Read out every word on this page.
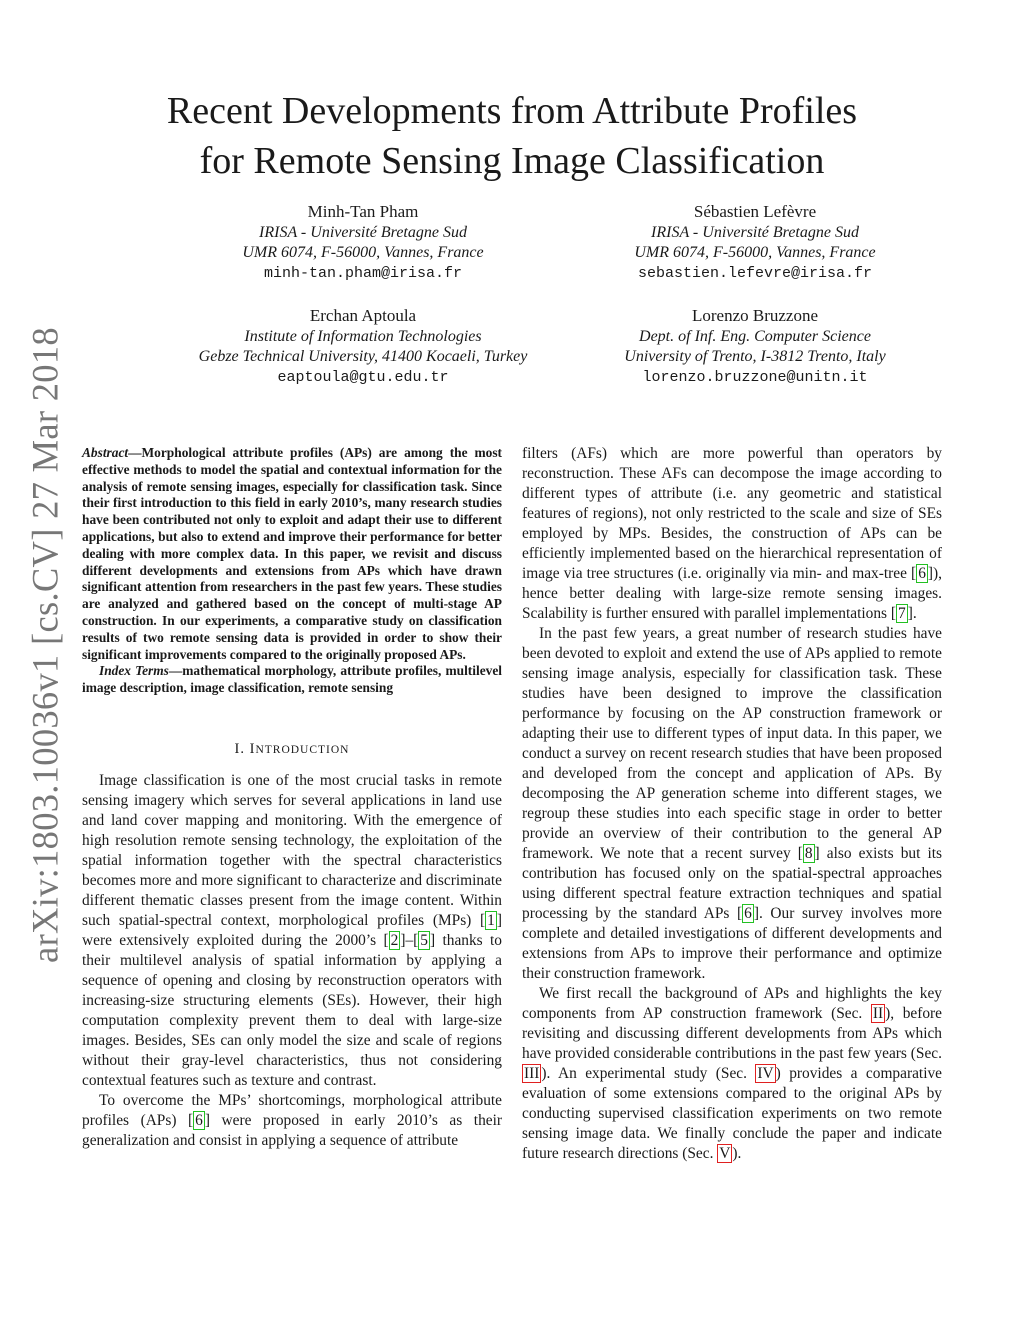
arXiv:1803.10036v1 [cs.CV] 27 Mar 2018
Recent Developments from Attribute Profiles
for Remote Sensing Image Classification
Minh-Tan Pham
IRISA - Université Bretagne Sud
UMR 6074, F-56000, Vannes, France
minh-tan.pham@irisa.fr
Sébastien Lefèvre
IRISA - Université Bretagne Sud
UMR 6074, F-56000, Vannes, France
sebastien.lefevre@irisa.fr
Erchan Aptoula
Institute of Information Technologies
Gebze Technical University, 41400 Kocaeli, Turkey
eaptoula@gtu.edu.tr
Lorenzo Bruzzone
Dept. of Inf. Eng. Computer Science
University of Trento, I-3812 Trento, Italy
lorenzo.bruzzone@unitn.it
Abstract—Morphological attribute profiles (APs) are among the most effective methods to model the spatial and contextual information for the analysis of remote sensing images, especially for classification task. Since their first introduction to this field in early 2010’s, many research studies have been contributed not only to exploit and adapt their use to different applications, but also to extend and improve their performance for better dealing with more complex data. In this paper, we revisit and discuss different developments and extensions from APs which have drawn significant attention from researchers in the past few years. These studies are analyzed and gathered based on the concept of multi-stage AP construction. In our experiments, a comparative study on classification results of two remote sensing data is provided in order to show their significant improvements compared to the originally proposed APs.
Index Terms—mathematical morphology, attribute profiles, multilevel image description, image classification, remote sensing
I. INTRODUCTION

Image classification is one of the most crucial tasks in remote sensing imagery which serves for several applications in land use and land cover mapping and monitoring. With the emergence of high resolution remote sensing technology, the exploitation of the spatial information together with the spectral characteristics becomes more and more significant to characterize and discriminate different thematic classes present from the image content. Within such spatial-spectral context, morphological profiles (MPs) [ 1 ] were extensively exploited during the 2000’s [ 2 ]–[ 5 ] thanks to their multilevel analysis of spatial information by applying a sequence of opening and closing by reconstruction operators with increasing-size structuring elements (SEs). However, their high computation complexity prevent them to deal with large-size images. Besides, SEs can only model the size and scale of regions without their gray-level characteristics, thus not considering contextual features such as texture and contrast.

To overcome the MPs’ shortcomings, morphological attribute profiles (APs) [ 6 ] were proposed in early 2010’s as their generalization and consist in applying a sequence of attribute

filters (AFs) which are more powerful than operators by reconstruction. These AFs can decompose the image according to different types of attribute (i.e. any geometric and statistical features of regions), not only restricted to the scale and size of SEs employed by MPs. Besides, the construction of APs can be efficiently implemented based on the hierarchical representation of image via tree structures (i.e. originally via min- and max-tree [ 6 ]), hence better dealing with large-size remote sensing images. Scalability is further ensured with parallel implementations [ 7 ].

In the past few years, a great number of research studies have been devoted to exploit and extend the use of APs applied to remote sensing image analysis, especially for classification task. These studies have been designed to improve the classification performance by focusing on the AP construction framework or adapting their use to different types of input data. In this paper, we conduct a survey on recent research studies that have been proposed and developed from the concept and application of APs. By decomposing the AP generation scheme into different stages, we regroup these studies into each specific stage in order to better provide an overview of their contribution to the general AP framework. We note that a recent survey [ 8 ] also exists but its contribution has focused only on the spatial-spectral approaches using different spectral feature extraction techniques and spatial processing by the standard APs [ 6 ]. Our survey involves more complete and detailed investigations of different developments and extensions from APs to improve their performance and optimize their construction framework.

We first recall the background of APs and highlights the key components from AP construction framework (Sec. II ), before revisiting and discussing different developments from APs which have provided considerable contributions in the past few years (Sec. III ). An experimental study (Sec. IV ) provides a comparative evaluation of some extensions compared to the original APs by conducting supervised classification experiments on two remote sensing image data. We finally conclude the paper and indicate future research directions (Sec. V ).
